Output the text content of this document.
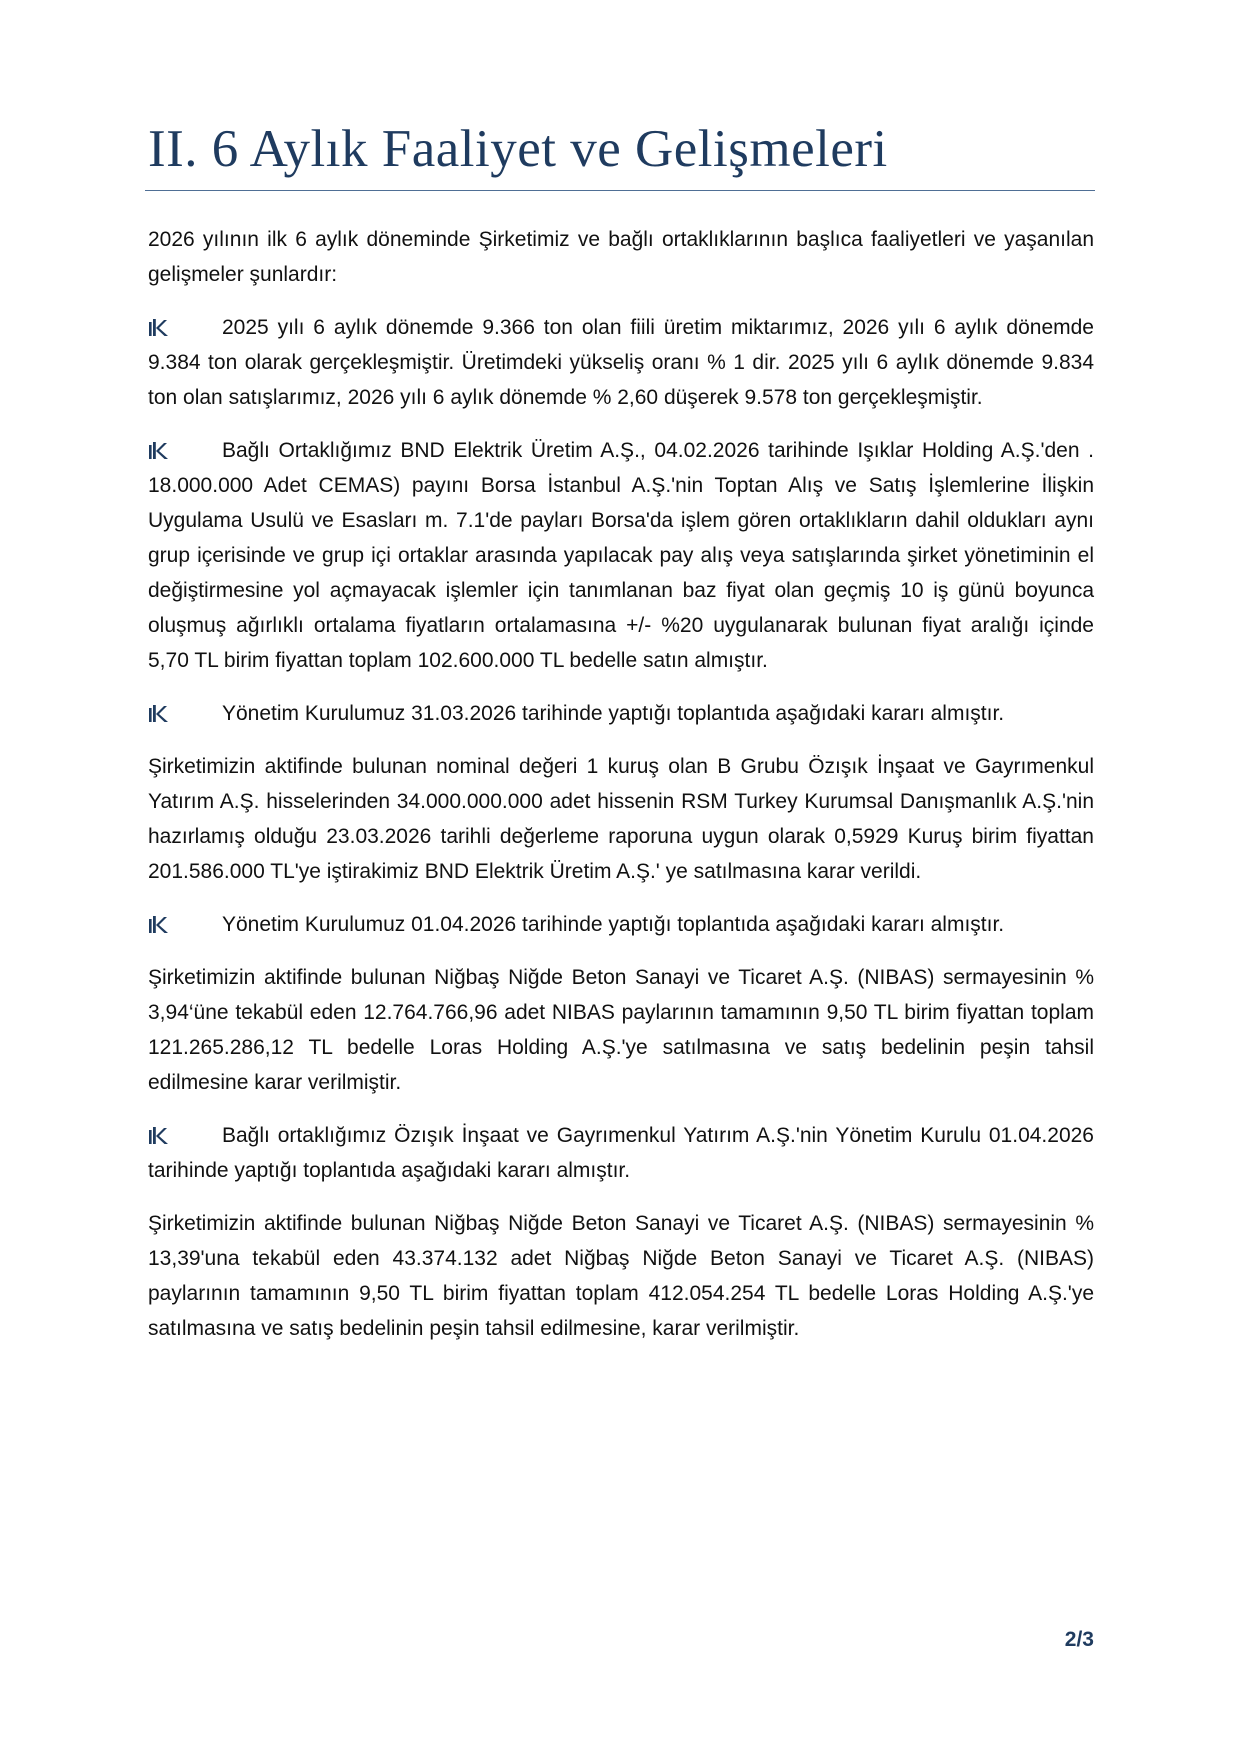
II. 6 Aylık Faaliyet ve Gelişmeleri

2026 yılının ilk 6 aylık döneminde Şirketimiz ve bağlı ortaklıklarının başlıca faaliyetleri ve yaşanılan gelişmeler şunlardır:

2025 yılı 6 aylık dönemde 9.366 ton olan fiili üretim miktarımız, 2026 yılı 6 aylık dönemde 9.384 ton olarak gerçekleşmiştir. Üretimdeki yükseliş oranı % 1 dir. 2025 yılı 6 aylık dönemde 9.834 ton olan satışlarımız, 2026 yılı 6 aylık dönemde % 2,60 düşerek 9.578 ton gerçekleşmiştir.
Bağlı Ortaklığımız BND Elektrik Üretim A.Ş., 04.02.2026 tarihinde Işıklar Holding A.Ş.'den . 18.000.000 Adet CEMAS) payını Borsa İstanbul A.Ş.'nin Toptan Alış ve Satış İşlemlerine İlişkin Uygulama Usulü ve Esasları m. 7.1'de payları Borsa'da işlem gören ortaklıkların dahil oldukları aynı grup içerisinde ve grup içi ortaklar arasında yapılacak pay alış veya satışlarında şirket yönetiminin el değiştirmesine yol açmayacak işlemler için tanımlanan baz fiyat olan geçmiş 10 iş günü boyunca oluşmuş ağırlıklı ortalama fiyatların ortalamasına +/- %20 uygulanarak bulunan fiyat aralığı içinde 5,70 TL birim fiyattan toplam 102.600.000 TL bedelle satın almıştır.
Yönetim Kurulumuz 31.03.2026 tarihinde yaptığı toplantıda aşağıdaki kararı almıştır.

Şirketimizin aktifinde bulunan nominal değeri 1 kuruş olan B Grubu Özışık İnşaat ve Gayrımenkul Yatırım A.Ş. hisselerinden 34.000.000.000 adet hissenin RSM Turkey Kurumsal Danışmanlık A.Ş.'nin hazırlamış olduğu 23.03.2026 tarihli değerleme raporuna uygun olarak 0,5929 Kuruş birim fiyattan 201.586.000 TL'ye iştirakimiz BND Elektrik Üretim A.Ş.' ye satılmasına karar verildi.

Yönetim Kurulumuz 01.04.2026 tarihinde yaptığı toplantıda aşağıdaki kararı almıştır.

Şirketimizin aktifinde bulunan Niğbaş Niğde Beton Sanayi ve Ticaret A.Ş. (NIBAS) sermayesinin % 3,94‘üne tekabül eden 12.764.766,96 adet NIBAS paylarının tamamının 9,50 TL birim fiyattan toplam 121.265.286,12 TL bedelle Loras Holding A.Ş.'ye satılmasına ve satış bedelinin peşin tahsil edilmesine karar verilmiştir.

Bağlı ortaklığımız Özışık İnşaat ve Gayrımenkul Yatırım A.Ş.'nin Yönetim Kurulu 01.04.2026 tarihinde yaptığı toplantıda aşağıdaki kararı almıştır.

Şirketimizin aktifinde bulunan Niğbaş Niğde Beton Sanayi ve Ticaret A.Ş. (NIBAS) sermayesinin % 13,39'una tekabül eden 43.374.132 adet Niğbaş Niğde Beton Sanayi ve Ticaret A.Ş. (NIBAS) paylarının tamamının 9,50 TL birim fiyattan toplam 412.054.254 TL bedelle Loras Holding A.Ş.'ye satılmasına ve satış bedelinin peşin tahsil edilmesine, karar verilmiştir.

2/3
